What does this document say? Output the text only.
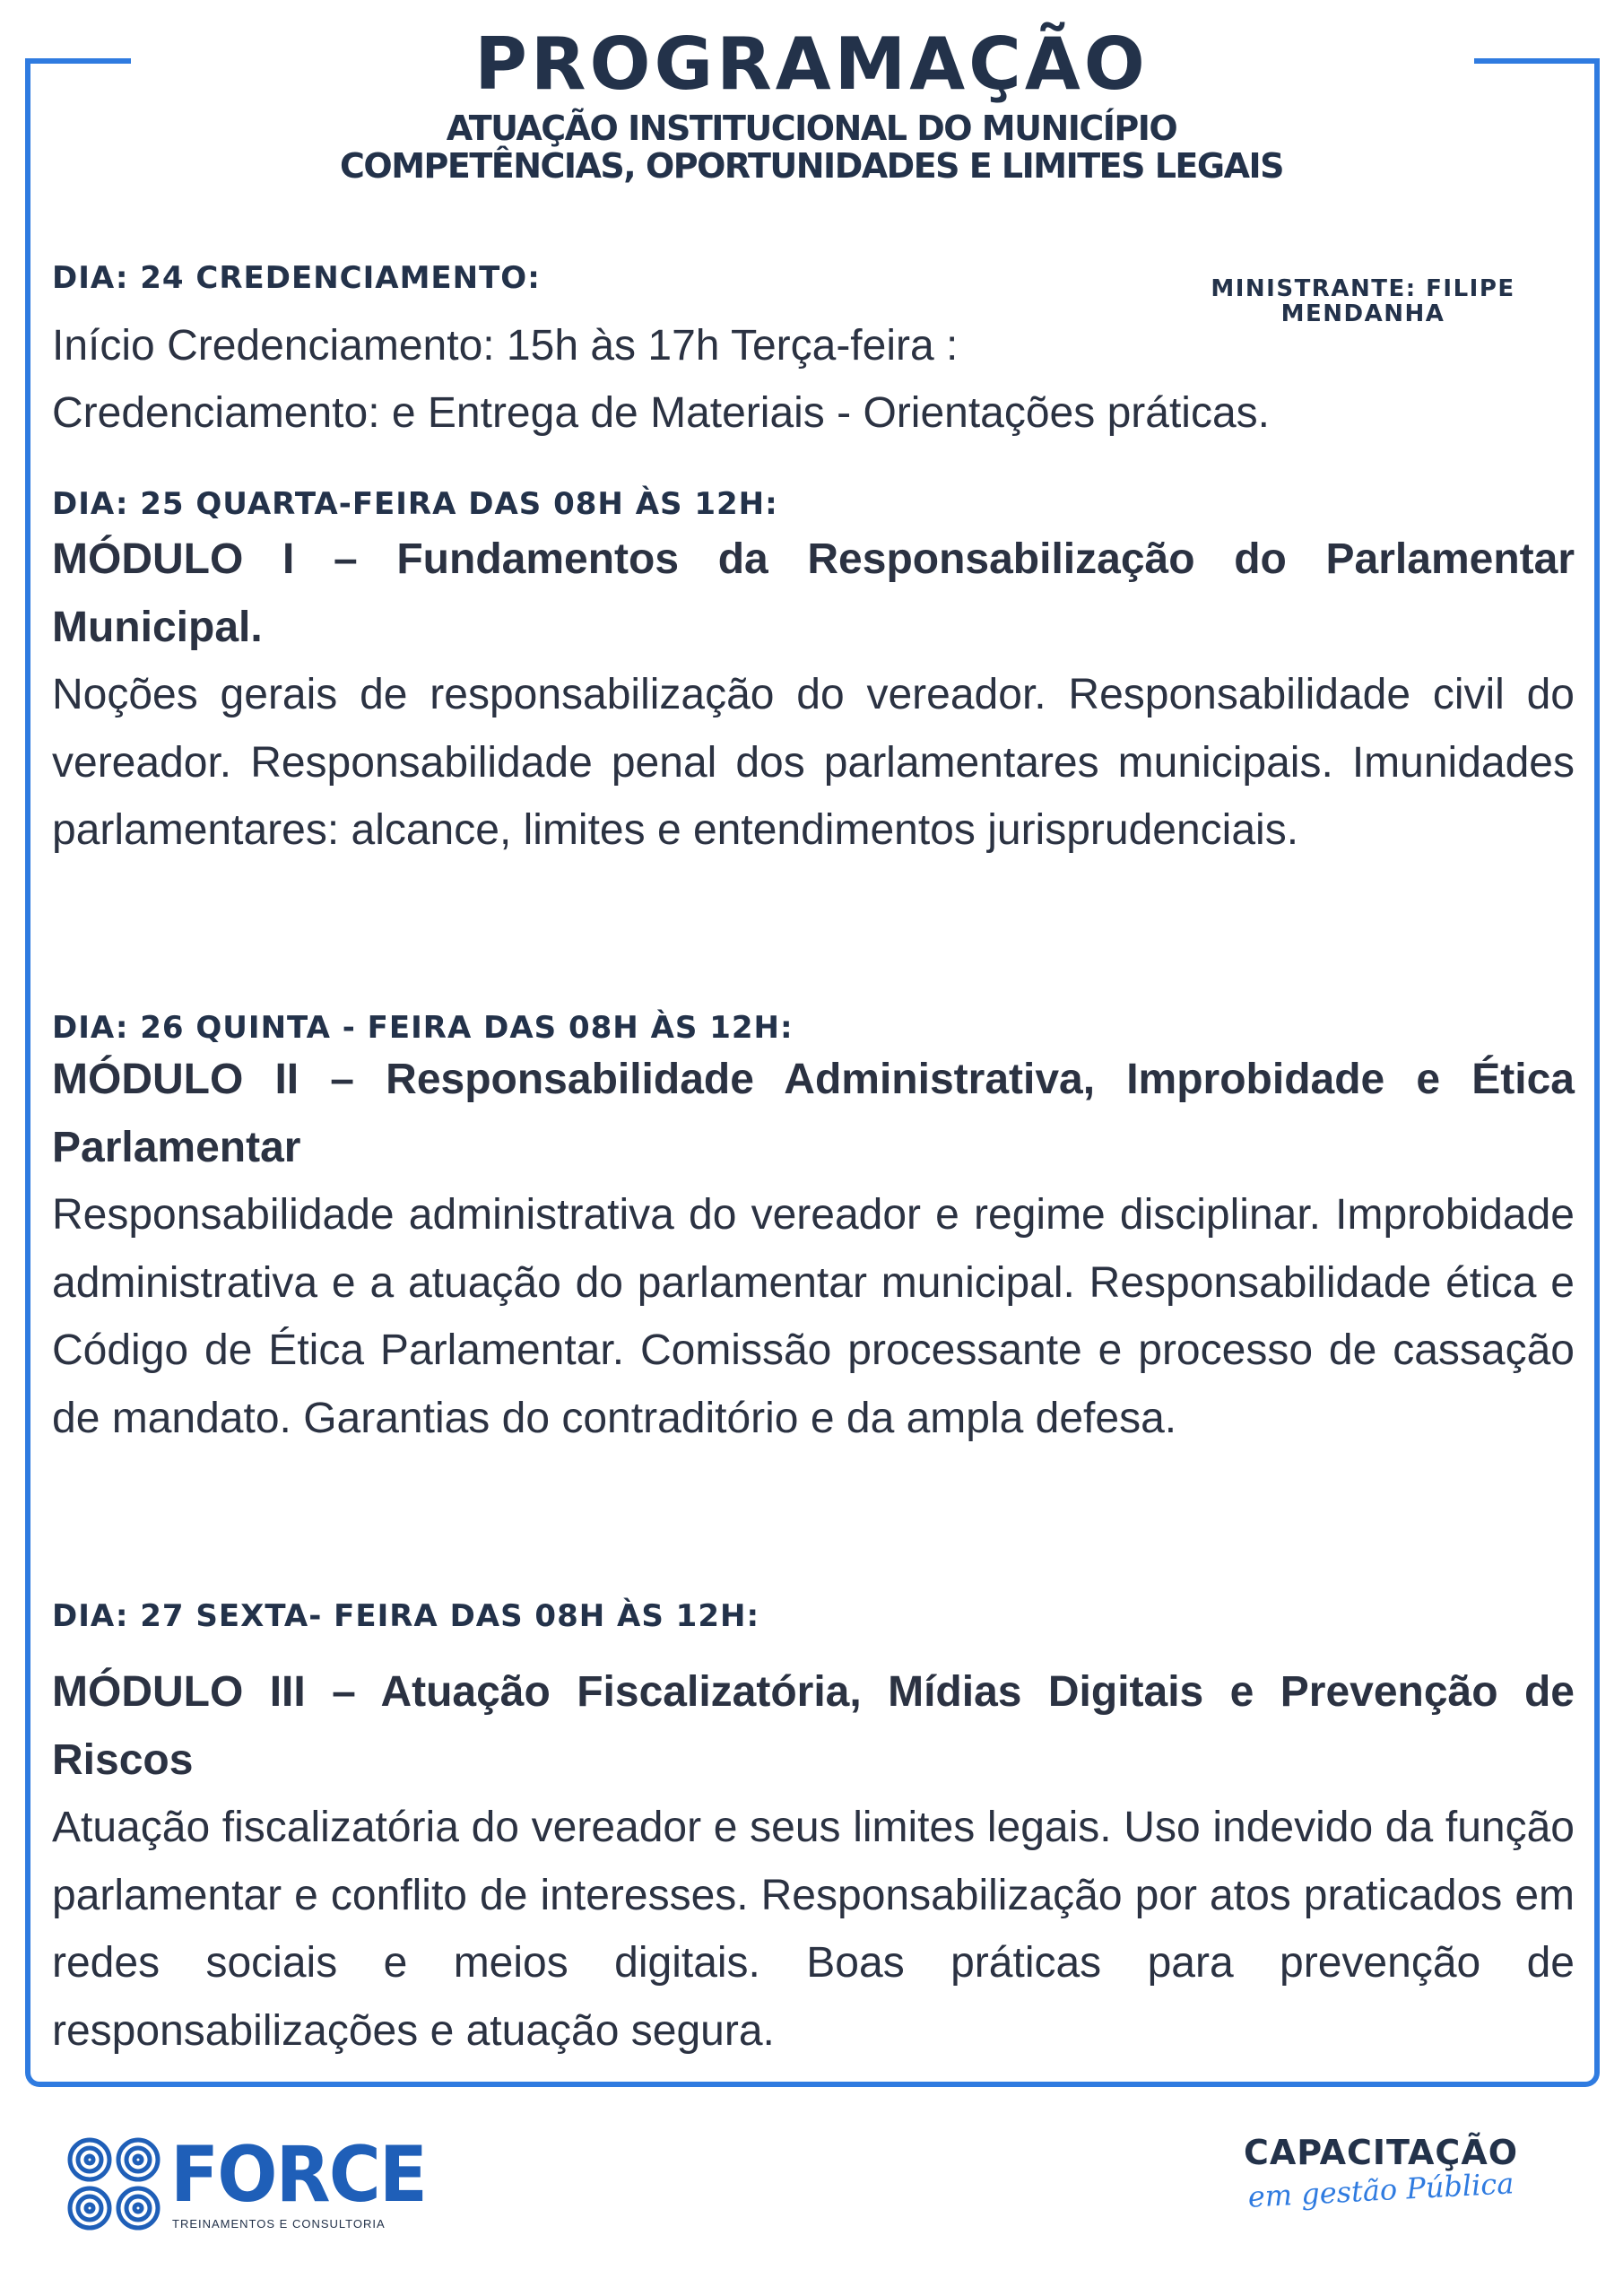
PROGRAMAÇÃO
ATUAÇÃO INSTITUCIONAL DO MUNICÍPIO
COMPETÊNCIAS, OPORTUNIDADES E LIMITES LEGAIS
DIA: 24 CREDENCIAMENTO:	MINISTRANTE: FILIPE
MENDANHA

Início Credenciamento: 15h às 17h Terça-feira :

Credenciamento: e Entrega de Materiais - Orientações práticas.

DIA: 25 QUARTA-FEIRA DAS 08H ÀS 12H:

MÓDULO I – Fundamentos da Responsabilização do Parlamentar Municipal.

Noções gerais de responsabilização do vereador. Responsabilidade civil do vereador. Responsabilidade penal dos parlamentares municipais. Imunidades parlamentares: alcance, limites e entendimentos jurisprudenciais.

DIA: 26 QUINTA - FEIRA DAS 08H ÀS 12H:

MÓDULO II – Responsabilidade Administrativa, Improbidade e Ética Parlamentar

Responsabilidade administrativa do vereador e regime disciplinar. Improbidade administrativa e a atuação do parlamentar municipal. Responsabilidade ética e Código de Ética Parlamentar. Comissão processante e processo de cassação de mandato. Garantias do contraditório e da ampla defesa.

DIA: 27 SEXTA- FEIRA DAS 08H ÀS 12H:

MÓDULO III – Atuação Fiscalizatória, Mídias Digitais e Prevenção de Riscos

Atuação fiscalizatória do vereador e seus limites legais. Uso indevido da função parlamentar e conflito de interesses. Responsabilização por atos praticados em redes sociais e meios digitais. Boas práticas para prevenção de responsabilizações e atuação segura.

FORCE
TREINAMENTOS E CONSULTORIA
CAPACITAÇÃO
em gestão Pública
